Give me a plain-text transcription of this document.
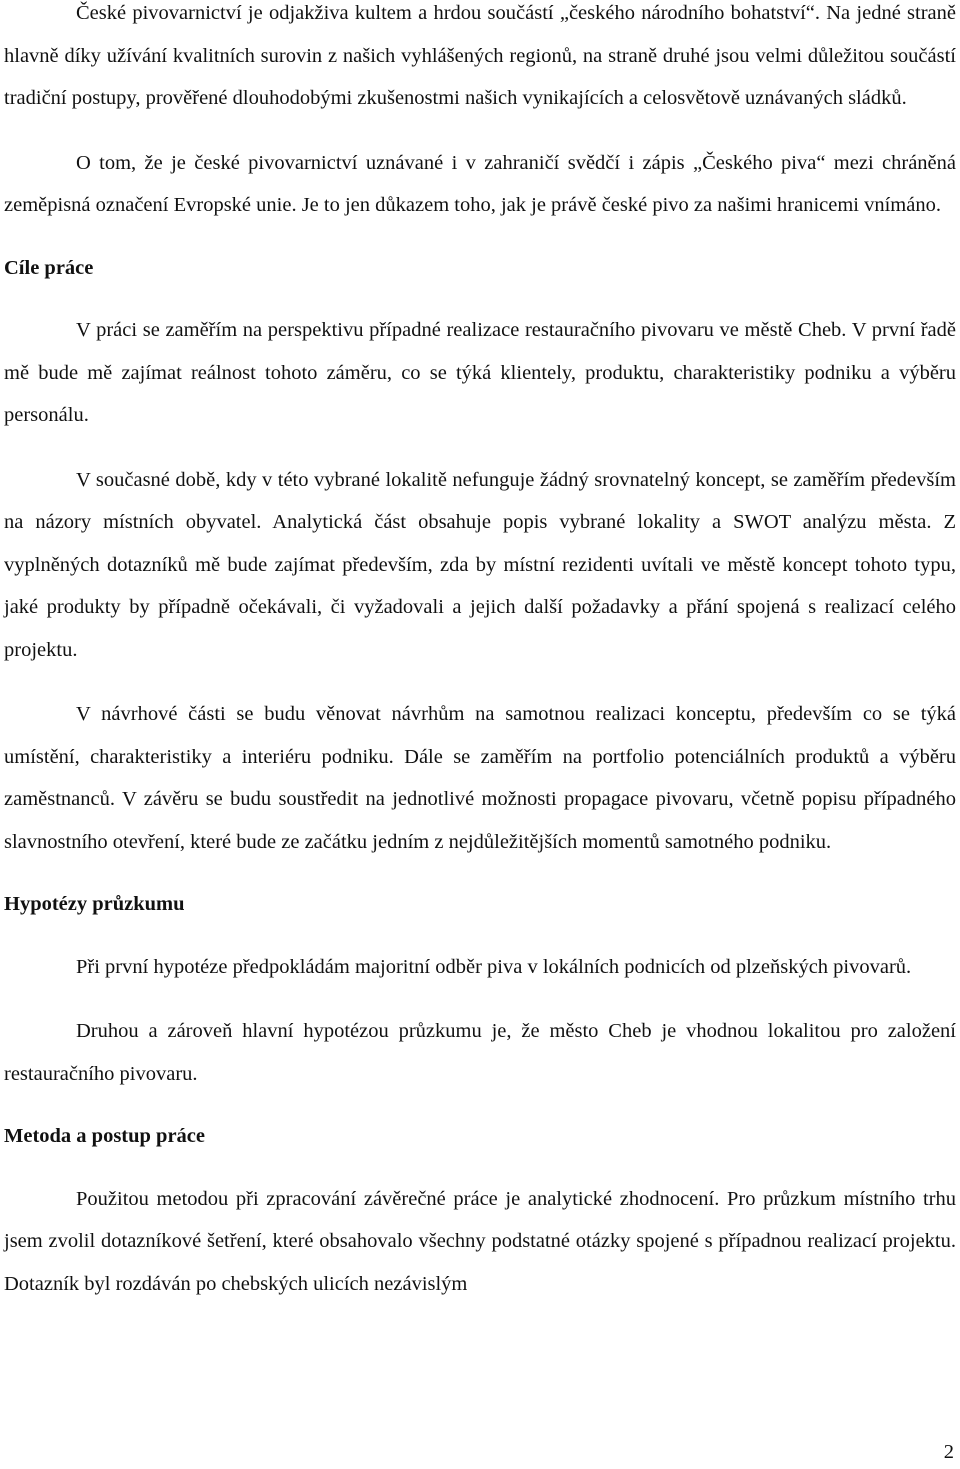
České pivovarnictví je odjakživa kultem a hrdou součástí „českého národního bohatství“. Na jedné straně hlavně díky užívání kvalitních surovin z našich vyhlášených regionů, na straně druhé jsou velmi důležitou součástí tradiční postupy, prověřené dlouhodobými zkušenostmi našich vynikajících a celosvětově uznávaných sládků.

O tom, že je české pivovarnictví uznávané i v zahraničí svědčí i zápis „Českého piva“ mezi chráněná zeměpisná označení Evropské unie. Je to jen důkazem toho, jak je právě české pivo za našimi hranicemi vnímáno.

Cíle práce

V práci se zaměřím na perspektivu případné realizace restauračního pivovaru ve městě Cheb. V první řadě mě bude mě zajímat reálnost tohoto záměru, co se týká klientely, produktu, charakteristiky podniku a výběru personálu.

V současné době, kdy v této vybrané lokalitě nefunguje žádný srovnatelný koncept, se zaměřím především na názory místních obyvatel. Analytická část obsahuje popis vybrané lokality a SWOT analýzu města. Z vyplněných dotazníků mě bude zajímat především, zda by místní rezidenti uvítali ve městě koncept tohoto typu, jaké produkty by případně očekávali, či vyžadovali a jejich další požadavky a přání spojená s realizací celého projektu.

V návrhové části se budu věnovat návrhům na samotnou realizaci konceptu, především co se týká umístění, charakteristiky a interiéru podniku. Dále se zaměřím na portfolio potenciálních produktů a výběru zaměstnanců. V závěru se budu soustředit na jednotlivé možnosti propagace pivovaru, včetně popisu případného slavnostního otevření, které bude ze začátku jedním z nejdůležitějších momentů samotného podniku.

Hypotézy průzkumu

Při první hypotéze předpokládám majoritní odběr piva v lokálních podnicích od plzeňských pivovarů.

Druhou a zároveň hlavní hypotézou průzkumu je, že město Cheb je vhodnou lokalitou pro založení restauračního pivovaru.

Metoda a postup práce

Použitou metodou při zpracování závěrečné práce je analytické zhodnocení. Pro průzkum místního trhu jsem zvolil dotazníkové šetření, které obsahovalo všechny podstatné otázky spojené s případnou realizací projektu. Dotazník byl rozdáván po chebských ulicích nezávislým

2
